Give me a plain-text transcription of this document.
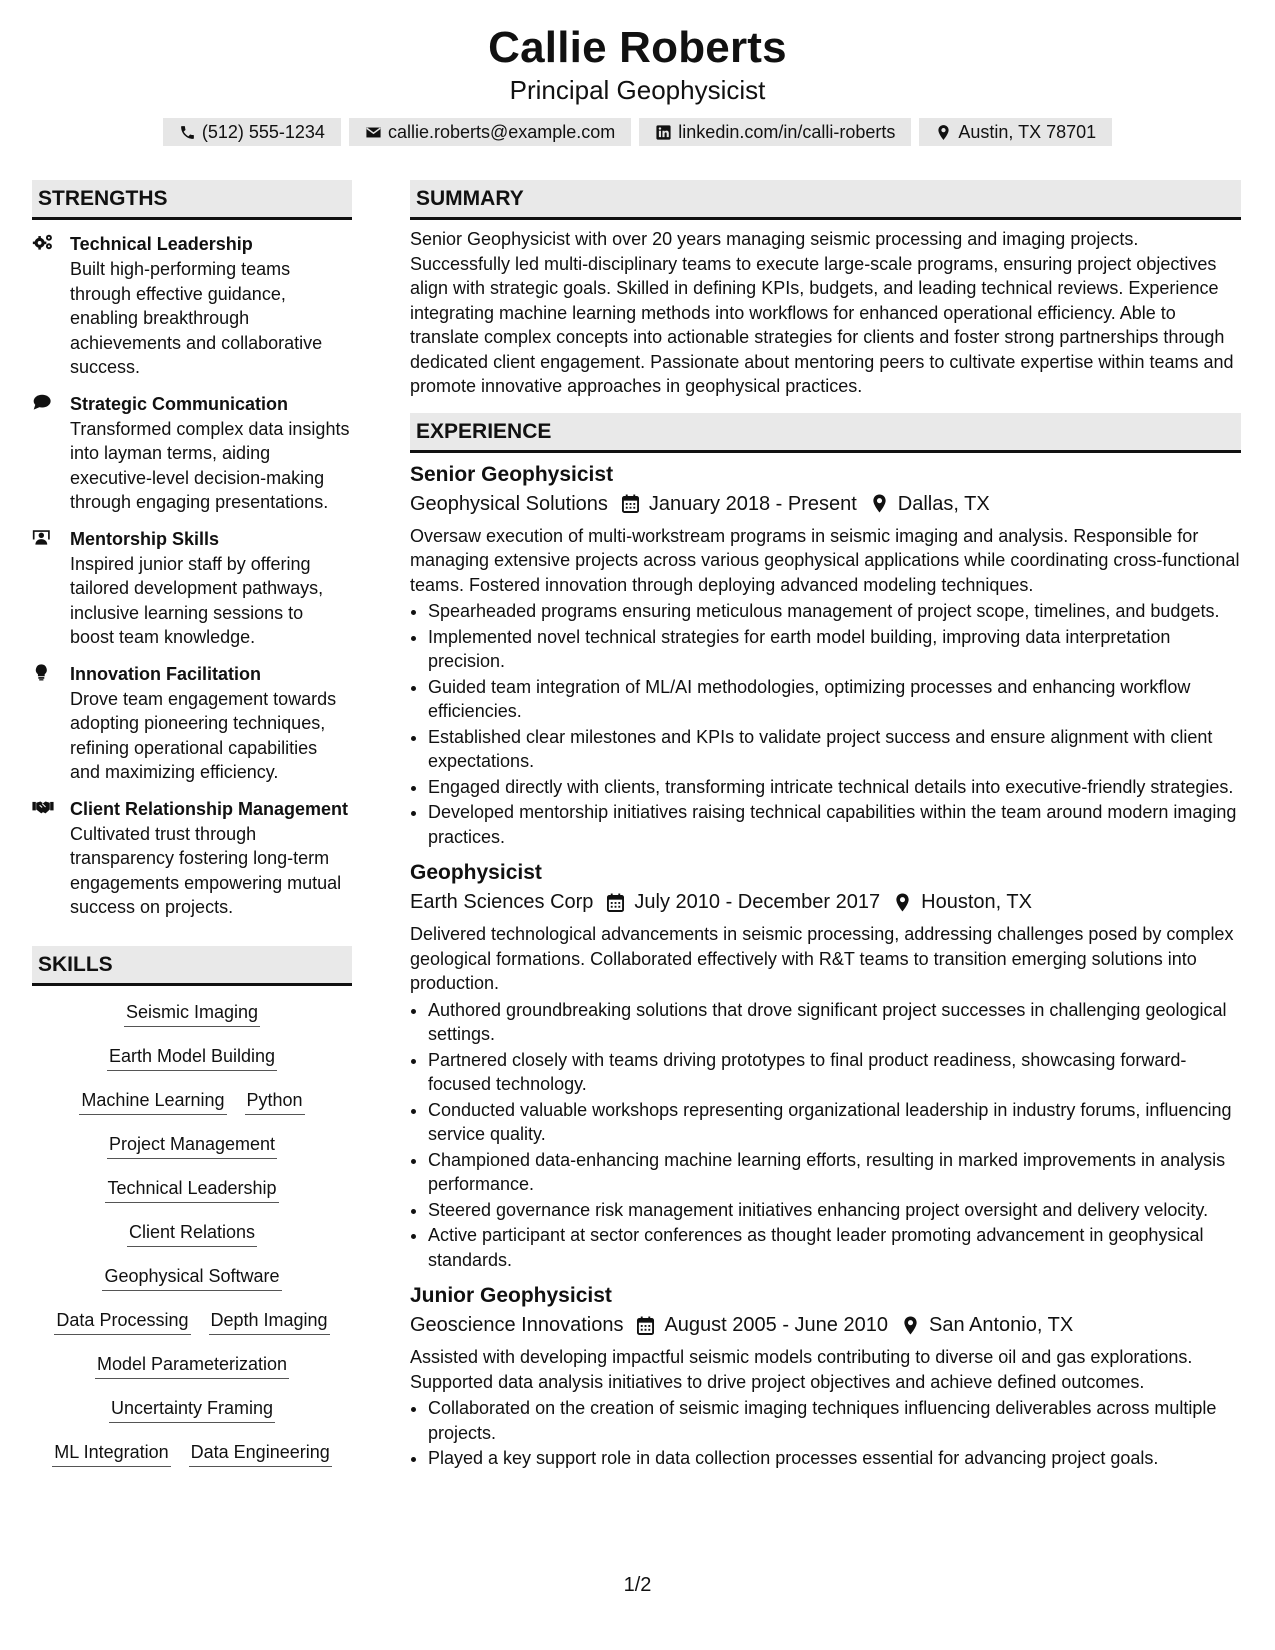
Callie Roberts
Principal Geophysicist
(512) 555-1234	callie.roberts@example.com	linkedin.com/in/calli-roberts	Austin, TX 78701
STRENGTHS
Technical Leadership
Built high-performing teams through effective guidance, enabling breakthrough achievements and collaborative success.
Strategic Communication
Transformed complex data insights into layman terms, aiding executive-level decision-making through engaging presentations.
Mentorship Skills
Inspired junior staff by offering tailored development pathways, inclusive learning sessions to boost team knowledge.
Innovation Facilitation
Drove team engagement towards adopting pioneering techniques, refining operational capabilities and maximizing efficiency.
Client Relationship Management
Cultivated trust through transparency fostering long-term engagements empowering mutual success on projects.
SKILLS
Seismic Imaging
Earth Model Building
Machine Learning Python
Project Management
Technical Leadership
Client Relations
Geophysical Software
Data Processing Depth Imaging
Model Parameterization
Uncertainty Framing
ML Integration Data Engineering
SUMMARY
Senior Geophysicist with over 20 years managing seismic processing and imaging projects. Successfully led multi-disciplinary teams to execute large-scale programs, ensuring project objectives align with strategic goals. Skilled in defining KPIs, budgets, and leading technical reviews. Experience integrating machine learning methods into workflows for enhanced operational efficiency. Able to translate complex concepts into actionable strategies for clients and foster strong partnerships through dedicated client engagement. Passionate about mentoring peers to cultivate expertise within teams and promote innovative approaches in geophysical practices.
EXPERIENCE
Senior Geophysicist
Geophysical Solutions January 2018 - Present Dallas, TX
Oversaw execution of multi-workstream programs in seismic imaging and analysis. Responsible for managing extensive projects across various geophysical applications while coordinating cross-functional teams. Fostered innovation through deploying advanced modeling techniques.
• Spearheaded programs ensuring meticulous management of project scope, timelines, and budgets.
• Implemented novel technical strategies for earth model building, improving data interpretation precision.
• Guided team integration of ML/AI methodologies, optimizing processes and enhancing workflow efficiencies.
• Established clear milestones and KPIs to validate project success and ensure alignment with client expectations.
• Engaged directly with clients, transforming intricate technical details into executive-friendly strategies.
• Developed mentorship initiatives raising technical capabilities within the team around modern imaging practices.
Geophysicist
Earth Sciences Corp July 2010 - December 2017 Houston, TX
Delivered technological advancements in seismic processing, addressing challenges posed by complex geological formations. Collaborated effectively with R&T teams to transition emerging solutions into production.
• Authored groundbreaking solutions that drove significant project successes in challenging geological settings.
• Partnered closely with teams driving prototypes to final product readiness, showcasing forward-focused technology.
• Conducted valuable workshops representing organizational leadership in industry forums, influencing service quality.
• Championed data-enhancing machine learning efforts, resulting in marked improvements in analysis performance.
• Steered governance risk management initiatives enhancing project oversight and delivery velocity.
• Active participant at sector conferences as thought leader promoting advancement in geophysical standards.
Junior Geophysicist
Geoscience Innovations August 2005 - June 2010 San Antonio, TX
Assisted with developing impactful seismic models contributing to diverse oil and gas explorations. Supported data analysis initiatives to drive project objectives and achieve defined outcomes.
• Collaborated on the creation of seismic imaging techniques influencing deliverables across multiple projects.
• Played a key support role in data collection processes essential for advancing project goals.
1/2
